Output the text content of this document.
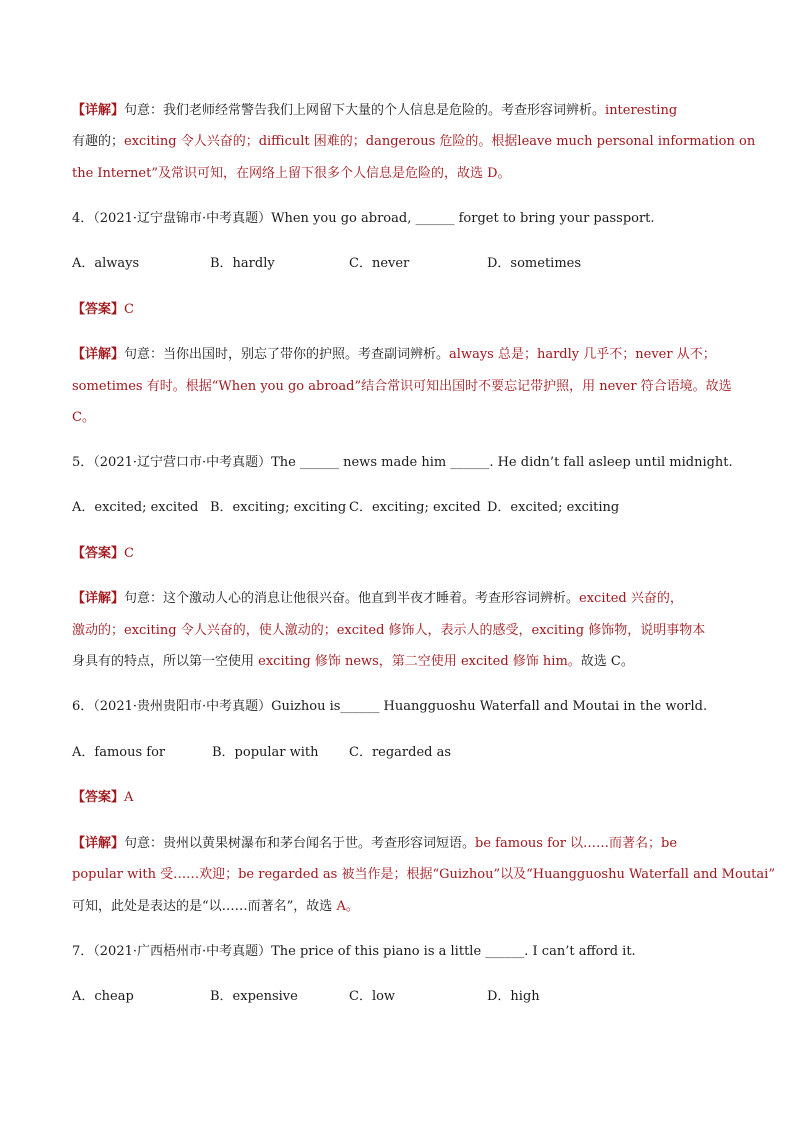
【详解】句意：我们老师经常警告我们上网留下大量的个人信息是危险的。考查形容词辨析。interesting
有趣的；exciting 令人兴奋的；difficult 困难的；dangerous 危险的。根据leave much personal information on
the Internet”及常识可知，在网络上留下很多个人信息是危险的，故选 D。
4．（2021·辽宁盘锦市·中考真题）When you go abroad, ______ forget to bring your passport.
A．always	B．hardly	C．never	D．sometimes
【答案】C
【详解】句意：当你出国时，别忘了带你的护照。考查副词辨析。always 总是；hardly 几乎不；never 从不；
sometimes 有时。根据“When you go abroad”结合常识可知出国时不要忘记带护照，用 never 符合语境。故选
C。
5．（2021·辽宁营口市·中考真题）The ______ news made him ______. He didn’t fall asleep until midnight.
A．excited; excited B．exciting; exciting C．exciting; excited D．excited; exciting
【答案】C
【详解】句意：这个激动人心的消息让他很兴奋。他直到半夜才睡着。考查形容词辨析。excited 兴奋的，
激动的；exciting 令人兴奋的，使人激动的；excited 修饰人，表示人的感受，exciting 修饰物，说明事物本
身具有的特点，所以第一空使用 exciting 修饰 news，第二空使用 excited 修饰 him。故选 C。
6．（2021·贵州贵阳市·中考真题）Guizhou is______ Huangguoshu Waterfall and Moutai in the world.
A．famous for	B．popular with C．regarded as
【答案】A
【详解】句意：贵州以黄果树瀑布和茅台闻名于世。考查形容词短语。be famous for 以……而著名；be
popular with 受……欢迎；be regarded as 被当作是；根据“Guizhou”以及“Huangguoshu Waterfall and Moutai”
可知，此处是表达的是“以……而著名”，故选 A。
7．（2021·广西梧州市·中考真题）The price of this piano is a little ______. I can’t afford it.
A．cheap	B．expensive	C．low	D．high
